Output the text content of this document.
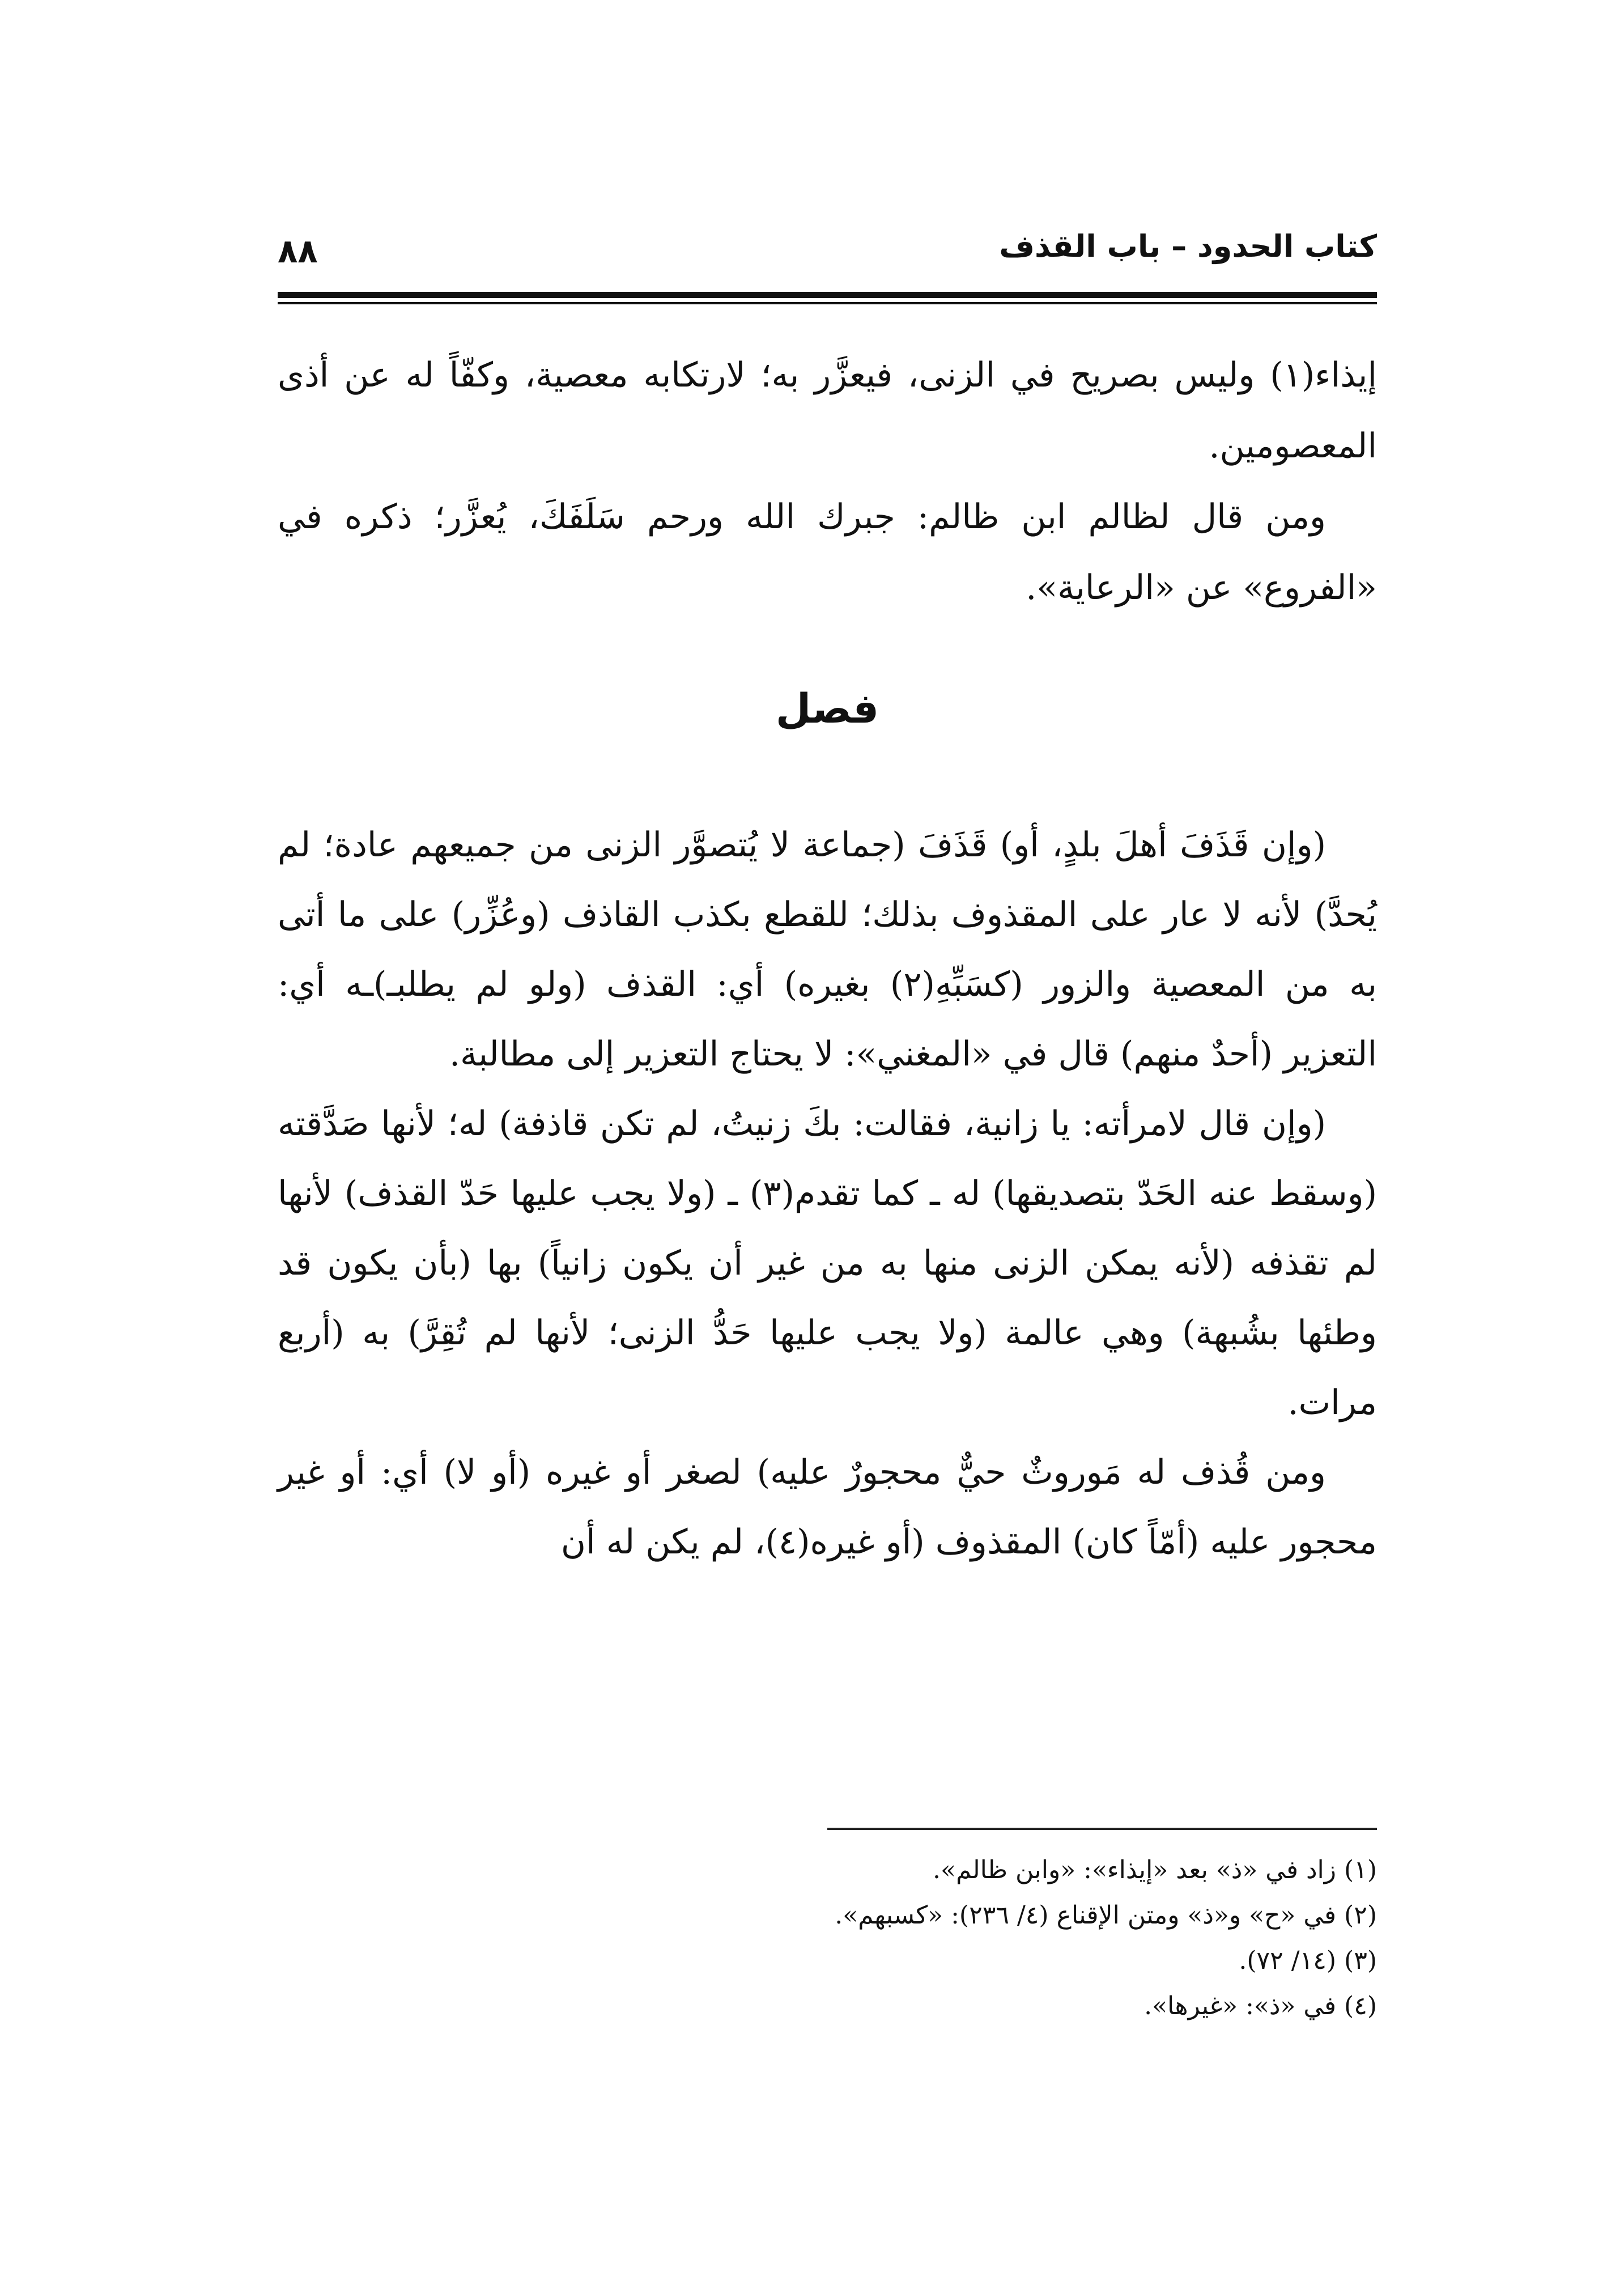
كتاب الحدود – باب القذف
٨٨

إيذاء(١) وليس بصريح في الزنى، فيعزَّر به؛ لارتكابه معصية، وكفّاً له عن أذى المعصومين.

ومن قال لظالم ابن ظالم: جبرك الله ورحم سَلَفَكَ، يُعزَّر؛ ذكره في «الفروع» عن «الرعاية».

فصل

(وإن قَذَفَ أهلَ بلدٍ، أو) قَذَفَ (جماعة لا يُتصوَّر الزنى من جميعهم عادة؛ لم يُحدَّ) لأنه لا عار على المقذوف بذلك؛ للقطع بكذب القاذف (وعُزِّر) على ما أتى به من المعصية والزور (كسَبِّهِ(٢) بغيره) أي: القذف (ولو لم يطلبـ)ـه أي: التعزير (أحدٌ منهم) قال في «المغني»: لا يحتاج التعزير إلى مطالبة.

(وإن قال لامرأته: يا زانية، فقالت: بكَ زنيتُ، لم تكن قاذفة) له؛ لأنها صَدَّقته (وسقط عنه الحَدّ بتصديقها) له ـ كما تقدم(٣) ـ (ولا يجب عليها حَدّ القذف) لأنها لم تقذفه (لأنه يمكن الزنى منها به من غير أن يكون زانياً) بها (بأن يكون قد وطئها بشُبهة) وهي عالمة (ولا يجب عليها حَدُّ الزنى؛ لأنها لم تُقِرَّ) به (أربع مرات.

ومن قُذف له مَوروثٌ حيٌّ محجورٌ عليه) لصغر أو غيره (أو لا) أي: أو غير محجور عليه (أمّاً كان) المقذوف (أو غيره(٤)، لم يكن له أن

(١) زاد في «ذ» بعد «إيذاء»: «وابن ظالم».

(٢) في «ح» و«ذ» ومتن الإقناع (٤/ ٢٣٦): «كسبهم».

(٣) (١٤/ ٧٢).

(٤) في «ذ»: «غيرها».
